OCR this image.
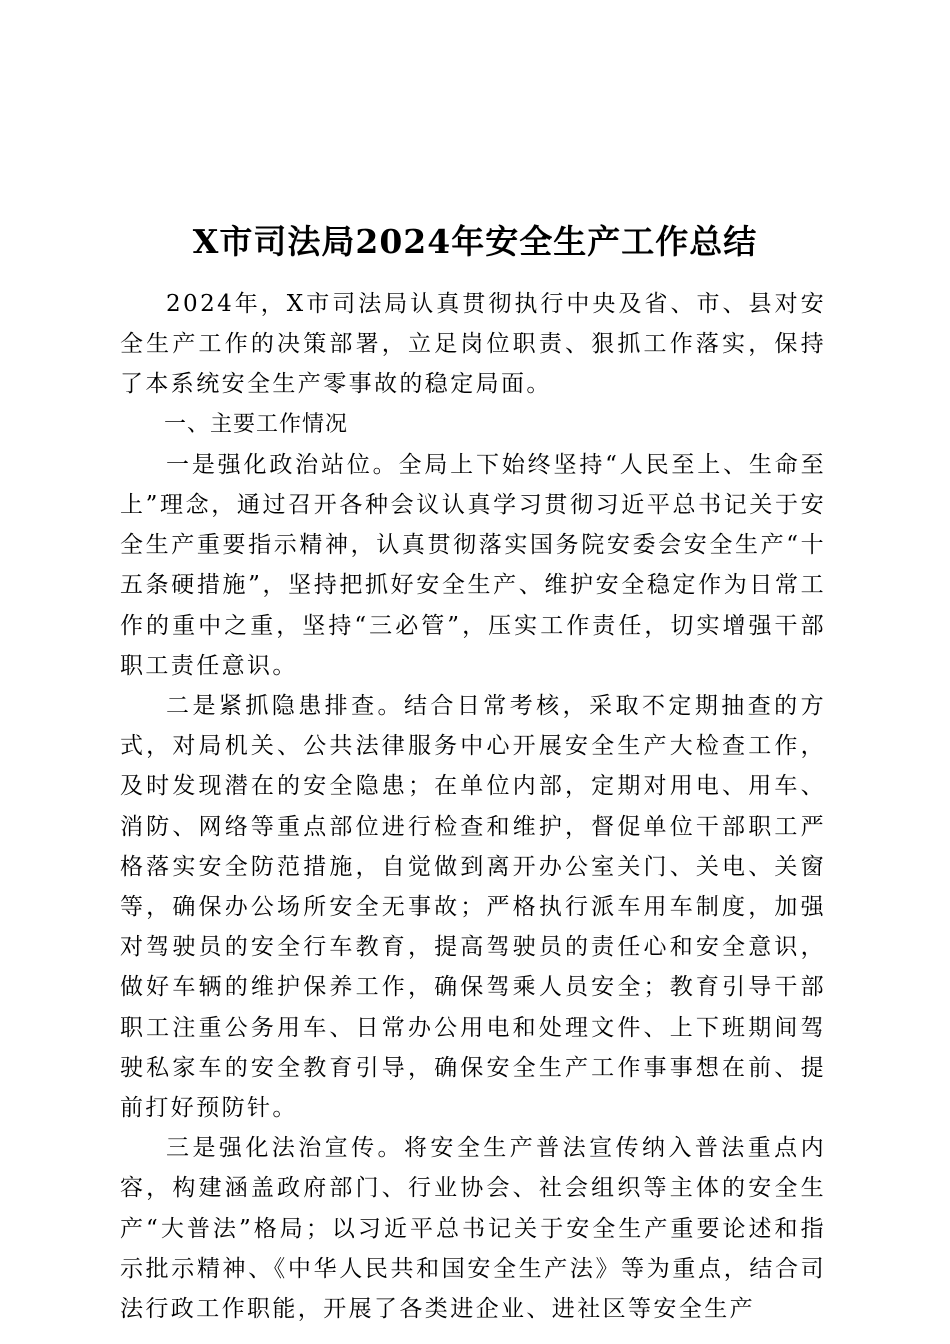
X市司法局2024年安全生产工作总结

2024年，X市司法局认真贯彻执行中央及省、市、县对安全生产工作的决策部署，立足岗位职责、狠抓工作落实，保持了本系统安全生产零事故的稳定局面。

一、主要工作情况

一是强化政治站位。全局上下始终坚持“人民至上、生命至上”理念，通过召开各种会议认真学习贯彻习近平总书记关于安全生产重要指示精神，认真贯彻落实国务院安委会安全生产“十五条硬措施”，坚持把抓好安全生产、维护安全稳定作为日常工作的重中之重，坚持“三必管”，压实工作责任，切实增强干部职工责任意识。

二是紧抓隐患排查。结合日常考核，采取不定期抽查的方式，对局机关、公共法律服务中心开展安全生产大检查工作，及时发现潜在的安全隐患；在单位内部，定期对用电、用车、消防、网络等重点部位进行检查和维护，督促单位干部职工严格落实安全防范措施，自觉做到离开办公室关门、关电、关窗等，确保办公场所安全无事故；严格执行派车用车制度，加强对驾驶员的安全行车教育，提高驾驶员的责任心和安全意识，做好车辆的维护保养工作，确保驾乘人员安全；教育引导干部职工注重公务用车、日常办公用电和处理文件、上下班期间驾驶私家车的安全教育引导，确保安全生产工作事事想在前、提前打好预防针。

三是强化法治宣传。将安全生产普法宣传纳入普法重点内容，构建涵盖政府部门、行业协会、社会组织等主体的安全生产“大普法”格局；以习近平总书记关于安全生产重要论述和指示批示精神、《中华人民共和国安全生产法》等为重点，结合司法行政工作职能，开展了各类进企业、进社区等安全生产
